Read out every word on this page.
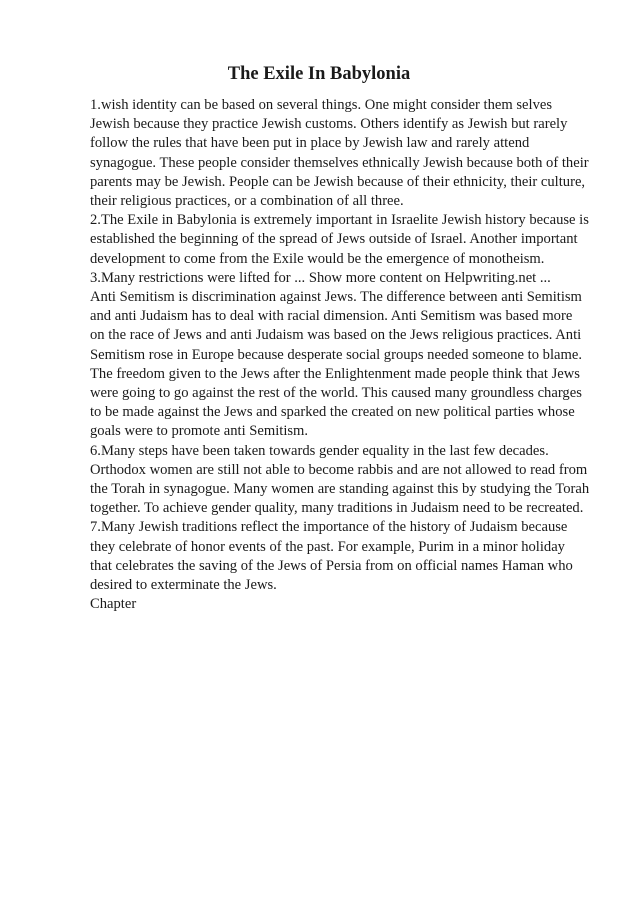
The Exile In Babylonia

1.wish identity can be based on several things. One might consider them selves

Jewish because they practice Jewish customs. Others identify as Jewish but rarely

follow the rules that have been put in place by Jewish law and rarely attend

synagogue. These people consider themselves ethnically Jewish because both of their

parents may be Jewish. People can be Jewish because of their ethnicity, their culture,

their religious practices, or a combination of all three.

2.The Exile in Babylonia is extremely important in Israelite Jewish history because is

established the beginning of the spread of Jews outside of Israel. Another important

development to come from the Exile would be the emergence of monotheism.

3.Many restrictions were lifted for ... Show more content on Helpwriting.net ...

Anti Semitism is discrimination against Jews. The difference between anti Semitism

and anti Judaism has to deal with racial dimension. Anti Semitism was based more

on the race of Jews and anti Judaism was based on the Jews religious practices. Anti

Semitism rose in Europe because desperate social groups needed someone to blame.

The freedom given to the Jews after the Enlightenment made people think that Jews

were going to go against the rest of the world. This caused many groundless charges

to be made against the Jews and sparked the created on new political parties whose

goals were to promote anti Semitism.

6.Many steps have been taken towards gender equality in the last few decades.

Orthodox women are still not able to become rabbis and are not allowed to read from

the Torah in synagogue. Many women are standing against this by studying the Torah

together. To achieve gender quality, many traditions in Judaism need to be recreated.

7.Many Jewish traditions reflect the importance of the history of Judaism because

they celebrate of honor events of the past. For example, Purim in a minor holiday

that celebrates the saving of the Jews of Persia from on official names Haman who

desired to exterminate the Jews.

Chapter
